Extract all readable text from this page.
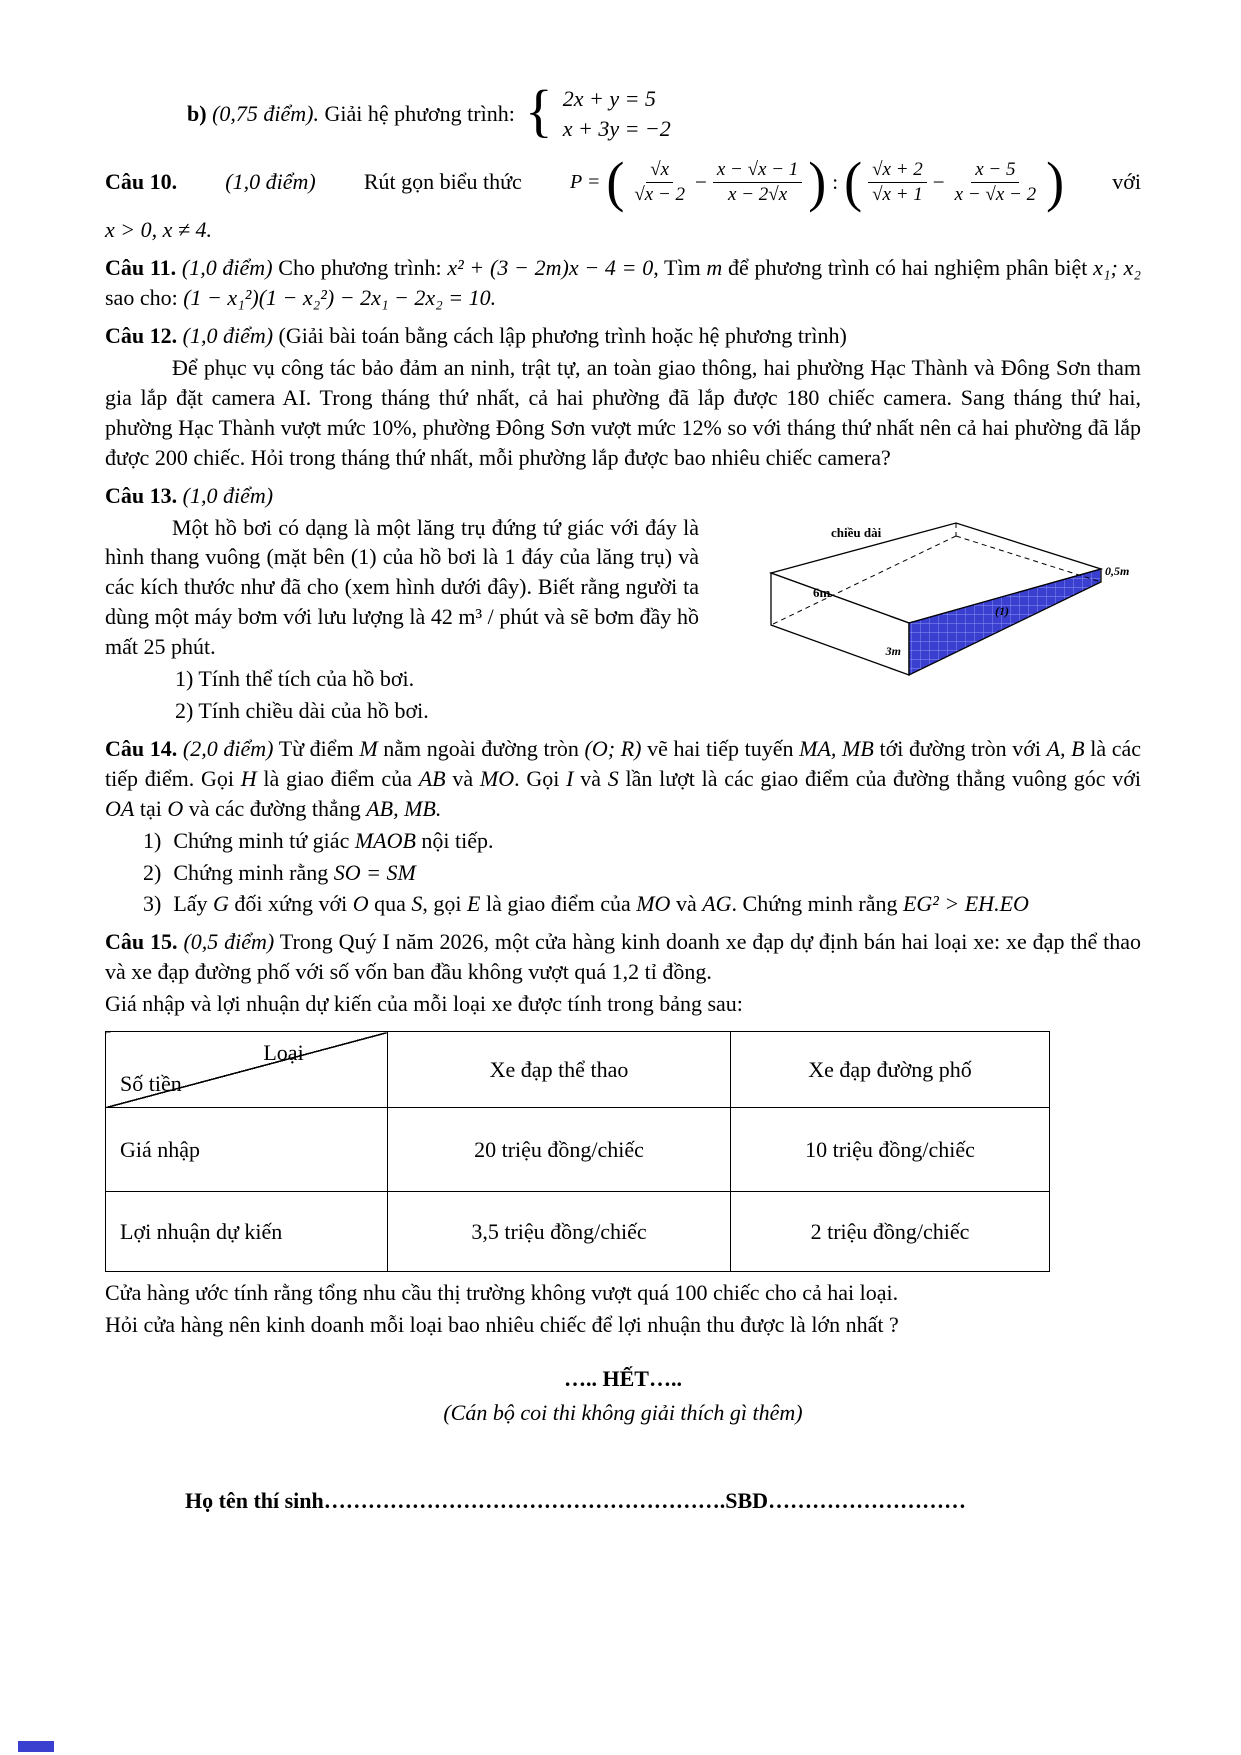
b) (0,75 điểm). Giải hệ phương trình: { 2x + y = 5
x + 3y = −2
Câu 10. (1,0 điểm) Rút gọn biểu thức P = ( $\frac{√x}{√x - 2} - \frac{x - √x - 1}{x - 2√x}$ ) : ( $\frac{√x + 2}{√x + 1} - \frac{x - 5}{x - √x - 2}$ ) với

x > 0, x ≠ 4.

Câu 11. (1,0 điểm) Cho phương trình: x² + (3 − 2m)x − 4 = 0, Tìm m để phương trình có hai nghiệm phân biệt x₁; x₂ sao cho: (1 − x₁²)(1 − x₂²) − 2x₁ − 2x₂ = 10.

Câu 12. (1,0 điểm) (Giải bài toán bằng cách lập phương trình hoặc hệ phương trình)

Để phục vụ công tác bảo đảm an ninh, trật tự, an toàn giao thông, hai phường Hạc Thành và Đông Sơn tham gia lắp đặt camera AI. Trong tháng thứ nhất, cả hai phường đã lắp được 180 chiếc camera. Sang tháng thứ hai, phường Hạc Thành vượt mức 10%, phường Đông Sơn vượt mức 12% so với tháng thứ nhất nên cả hai phường đã lắp được 200 chiếc. Hỏi trong tháng thứ nhất, mỗi phường lắp được bao nhiêu chiếc camera?

Câu 13. (1,0 điểm)

chiều dài
6m
0,5m
(1)
3m

Một hồ bơi có dạng là một lăng trụ đứng tứ giác với đáy là hình thang vuông (mặt bên (1) của hồ bơi là 1 đáy của lăng trụ) và các kích thước như đã cho (xem hình dưới đây). Biết rằng người ta dùng một máy bơm với lưu lượng là 42 m³ / phút và sẽ bơm đầy hồ mất 25 phút.

1) Tính thể tích của hồ bơi.

2) Tính chiều dài của hồ bơi.

Câu 14. (2,0 điểm) Từ điểm M nằm ngoài đường tròn (O; R) vẽ hai tiếp tuyến MA, MB tới đường tròn với A, B là các tiếp điểm. Gọi H là giao điểm của AB và MO. Gọi I và S lần lượt là các giao điểm của đường thẳng vuông góc với OA tại O và các đường thẳng AB, MB.

1) Chứng minh tứ giác MAOB nội tiếp.
2) Chứng minh rằng SO = SM
3) Lấy G đối xứng với O qua S, gọi E là giao điểm của MO và AG. Chứng minh rằng EG² > EH.EO

Câu 15. (0,5 điểm) Trong Quý I năm 2026, một cửa hàng kinh doanh xe đạp dự định bán hai loại xe: xe đạp thể thao và xe đạp đường phố với số vốn ban đầu không vượt quá 1,2 tỉ đồng.

Giá nhập và lợi nhuận dự kiến của mỗi loại xe được tính trong bảng sau:

Loại
Số tiền	Xe đạp thể thao	Xe đạp đường phố
Giá nhập	20 triệu đồng/chiếc	10 triệu đồng/chiếc
Lợi nhuận dự kiến	3,5 triệu đồng/chiếc	2 triệu đồng/chiếc

Cửa hàng ước tính rằng tổng nhu cầu thị trường không vượt quá 100 chiếc cho cả hai loại.

Hỏi cửa hàng nên kinh doanh mỗi loại bao nhiêu chiếc để lợi nhuận thu được là lớn nhất ?

….. HẾT…..

(Cán bộ coi thi không giải thích gì thêm)

Họ tên thí sinh……………………………………………….SBD………………………
